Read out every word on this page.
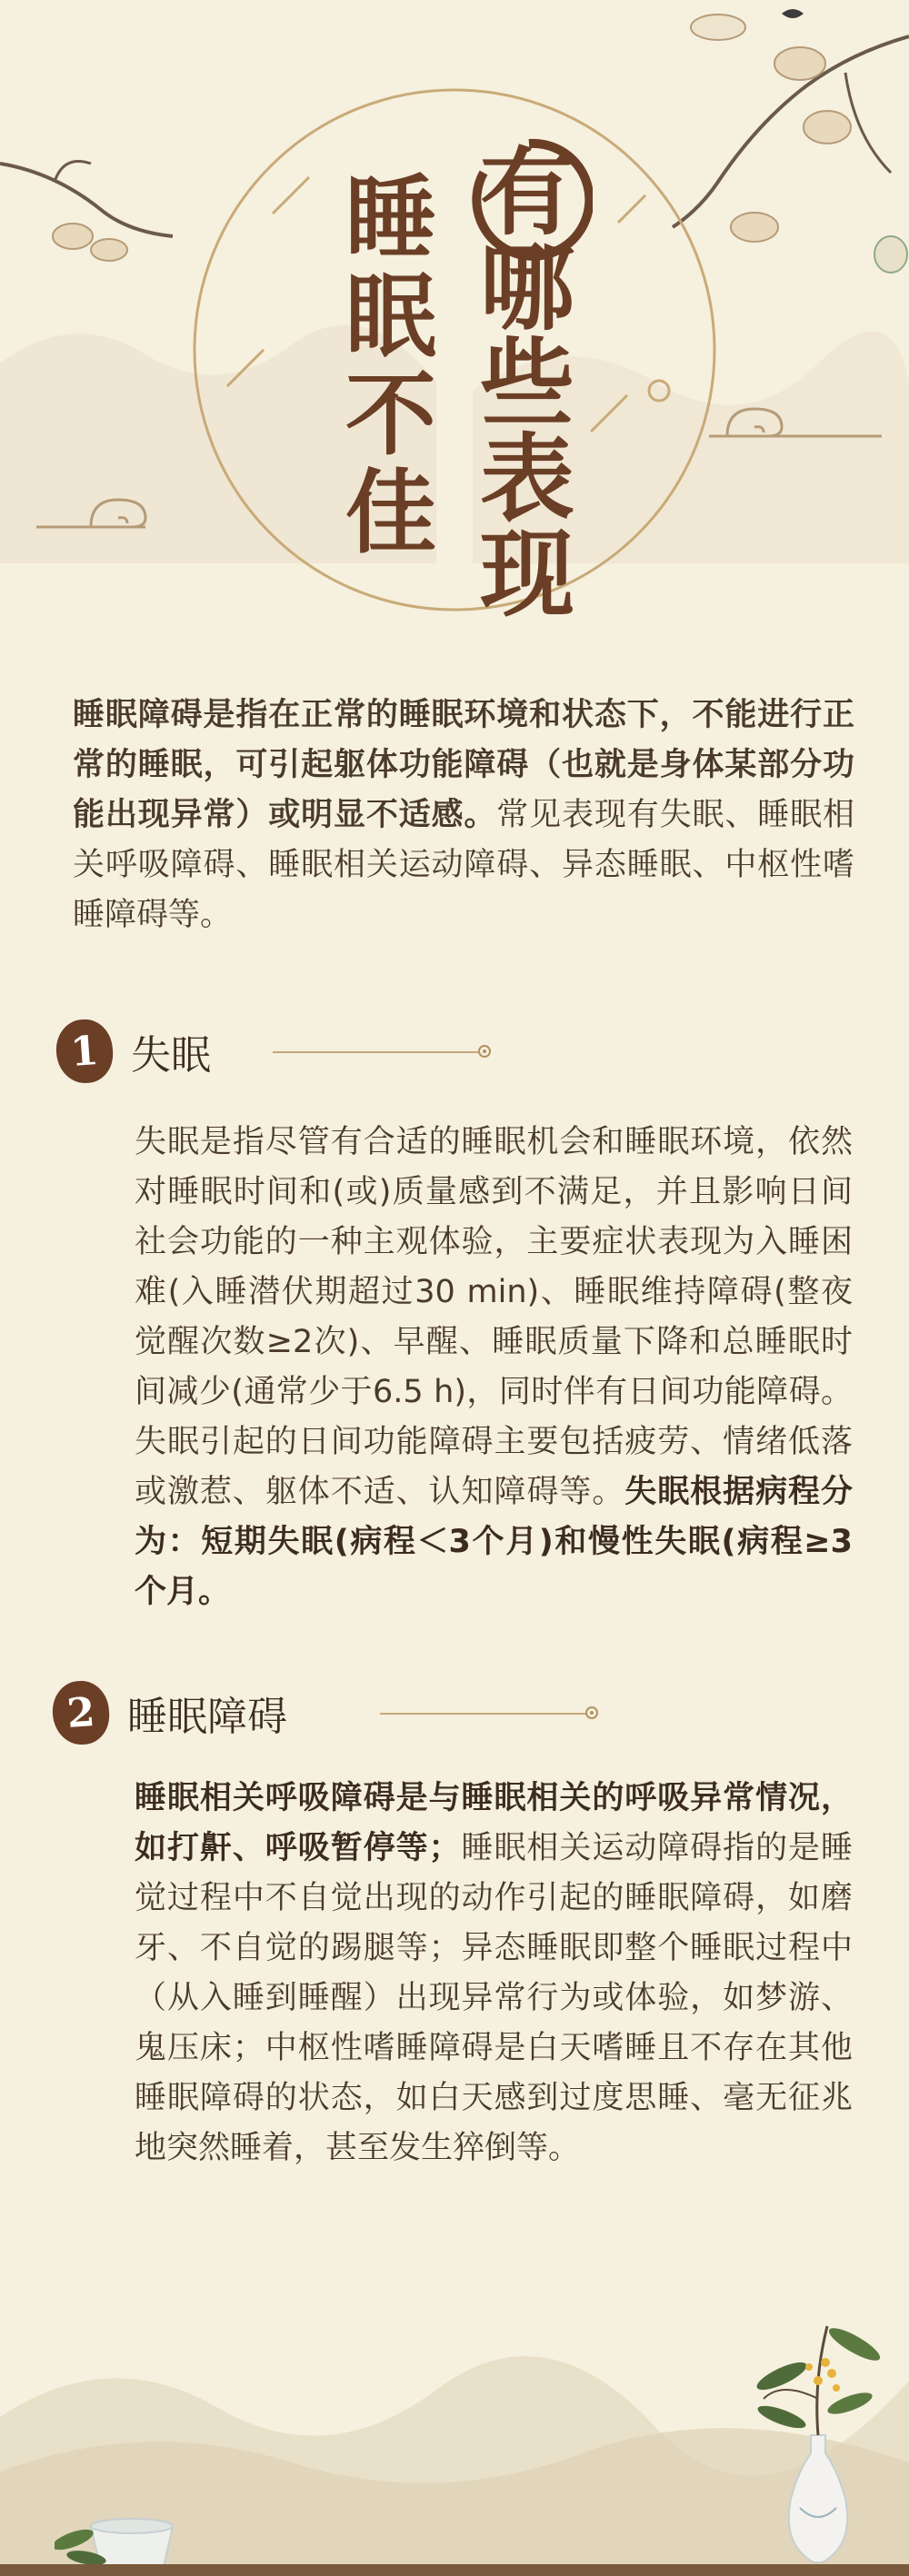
睡
眠
不
佳
有
哪
些
表
现
睡眠障碍是指在正常的睡眠环境和状态下，不能进行正常的睡眠，可引起躯体功能障碍（也就是身体某部分功能出现异常）或明显不适感。常见表现有失眠、睡眠相关呼吸障碍、睡眠相关运动障碍、异态睡眠、中枢性嗜睡障碍等。
1 失眠
失眠是指尽管有合适的睡眠机会和睡眠环境，依然对睡眠时间和(或)质量感到不满足，并且影响日间社会功能的一种主观体验，主要症状表现为入睡困难(入睡潜伏期超过30 min)、睡眠维持障碍(整夜觉醒次数≥2次)、早醒、睡眠质量下降和总睡眠时间减少(通常少于6.5 h)，同时伴有日间功能障碍。失眠引起的日间功能障碍主要包括疲劳、情绪低落或激惹、躯体不适、认知障碍等。失眠根据病程分为：短期失眠(病程＜3个月)和慢性失眠(病程≥3个月。
2 睡眠障碍
睡眠相关呼吸障碍是与睡眠相关的呼吸异常情况，如打鼾、呼吸暂停等；睡眠相关运动障碍指的是睡觉过程中不自觉出现的动作引起的睡眠障碍，如磨牙、不自觉的踢腿等；异态睡眠即整个睡眠过程中（从入睡到睡醒）出现异常行为或体验，如梦游、鬼压床；中枢性嗜睡障碍是白天嗜睡且不存在其他睡眠障碍的状态，如白天感到过度思睡、毫无征兆地突然睡着，甚至发生猝倒等。
